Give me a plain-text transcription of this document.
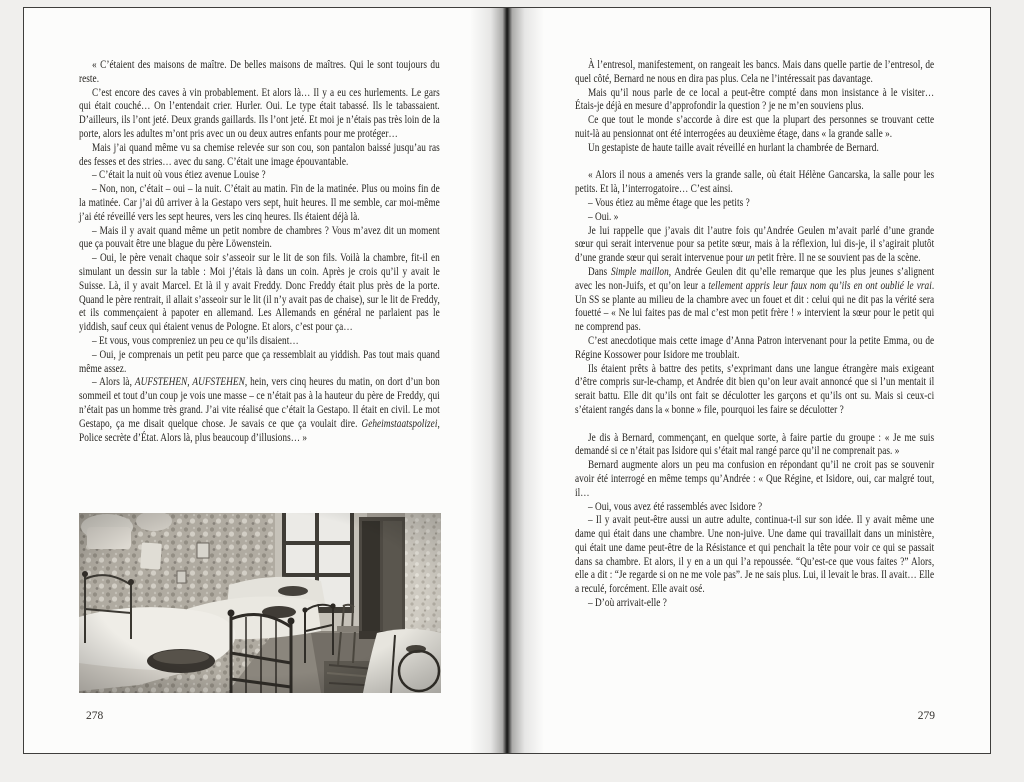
« C’étaient des maisons de maître. De belles maisons de maîtres. Qui le sont toujours du reste.

C’est encore des caves à vin probablement. Et alors là… Il y a eu ces hurlements. Le gars qui était couché… On l’entendait crier. Hurler. Oui. Le type était tabassé. Ils le tabassaient. D’ailleurs, ils l’ont jeté. Deux grands gaillards. Ils l’ont jeté. Et moi je n’étais pas très loin de la porte, alors les adultes m’ont pris avec un ou deux autres enfants pour me protéger…

Mais j’ai quand même vu sa chemise relevée sur son cou, son pantalon baissé jusqu’au ras des fesses et des stries… avec du sang. C’était une image épouvantable.

– C’était la nuit où vous étiez avenue Louise ?

– Non, non, c’était – oui – la nuit. C’était au matin. Fin de la matinée. Plus ou moins fin de la matinée. Car j’ai dû arriver à la Gestapo vers sept, huit heures. Il me semble, car moi-même j’ai été réveillé vers les sept heures, vers les cinq heures. Ils étaient déjà là.

– Mais il y avait quand même un petit nombre de chambres ? Vous m’avez dit un moment que ça pouvait être une blague du père Löwenstein.

– Oui, le père venait chaque soir s’asseoir sur le lit de son fils. Voilà la chambre, fit-il en simulant un dessin sur la table : Moi j’étais là dans un coin. Après je crois qu’il y avait le Suisse. Là, il y avait Marcel. Et là il y avait Freddy. Donc Freddy était plus près de la porte. Quand le père rentrait, il allait s’asseoir sur le lit (il n’y avait pas de chaise), sur le lit de Freddy, et ils commençaient à papoter en allemand. Les Allemands en général ne parlaient pas le yiddish, sauf ceux qui étaient venus de Pologne. Et alors, c’est pour ça…

– Et vous, vous compreniez un peu ce qu’ils disaient…

– Oui, je comprenais un petit peu parce que ça ressemblait au yiddish. Pas tout mais quand même assez.

– Alors là, AUFSTEHEN, AUFSTEHEN, hein, vers cinq heures du matin, on dort d’un bon sommeil et tout d’un coup je vois une masse – ce n’était pas à la hauteur du père de Freddy, qui n’était pas un homme très grand. J’ai vite réalisé que c’était la Gestapo. Il était en civil. Le mot Gestapo, ça me disait quelque chose. Je savais ce que ça voulait dire. Geheimstaatspolizei, Police secrète d’État. Alors là, plus beaucoup d’illusions… »

278

À l’entresol, manifestement, on rangeait les bancs. Mais dans quelle partie de l’entresol, de quel côté, Bernard ne nous en dira pas plus. Cela ne l’intéressait pas davantage.

Mais qu’il nous parle de ce local a peut-être compté dans mon insistance à le visiter… Étais-je déjà en mesure d’approfondir la question ? je ne m’en souviens plus.

Ce que tout le monde s’accorde à dire est que la plupart des personnes se trouvant cette nuit-là au pensionnat ont été interrogées au deuxième étage, dans « la grande salle ».

Un gestapiste de haute taille avait réveillé en hurlant la chambrée de Bernard.

« Alors il nous a amenés vers la grande salle, où était Hélène Gancarska, la salle pour les petits. Et là, l’interrogatoire… C’est ainsi.

– Vous étiez au même étage que les petits ?

– Oui. »

Je lui rappelle que j’avais dit l’autre fois qu’Andrée Geulen m’avait parlé d’une grande sœur qui serait intervenue pour sa petite sœur, mais à la réflexion, lui dis-je, il s’agirait plutôt d’une grande sœur qui serait intervenue pour un petit frère. Il ne se souvient pas de la scène.

Dans Simple maillon, Andrée Geulen dit qu’elle remarque que les plus jeunes s’alignent avec les non-Juifs, et qu’on leur a tellement appris leur faux nom qu’ils en ont oublié le vrai. Un SS se plante au milieu de la chambre avec un fouet et dit : celui qui ne dit pas la vérité sera fouetté – « Ne lui faites pas de mal c’est mon petit frère ! » intervient la sœur pour le petit qui ne comprend pas.

C’est anecdotique mais cette image d’Anna Patron intervenant pour la petite Emma, ou de Régine Kossower pour Isidore me troublait.

Ils étaient prêts à battre des petits, s’exprimant dans une langue étrangère mais exigeant d’être compris sur-le-champ, et Andrée dit bien qu’on leur avait annoncé que si l’un mentait il serait battu. Elle dit qu’ils ont fait se déculotter les garçons et qu’ils ont su. Mais si ceux-ci s’étaient rangés dans la « bonne » file, pourquoi les faire se déculotter ?

Je dis à Bernard, commençant, en quelque sorte, à faire partie du groupe : « Je me suis demandé si ce n’était pas Isidore qui s’était mal rangé parce qu’il ne comprenait pas. »

Bernard augmente alors un peu ma confusion en répondant qu’il ne croit pas se souvenir avoir été interrogé en même temps qu’Andrée : « Que Régine, et Isidore, oui, car malgré tout, il…

– Oui, vous avez été rassemblés avec Isidore ?

– Il y avait peut-être aussi un autre adulte, continua-t-il sur son idée. Il y avait même une dame qui était dans une chambre. Une non-juive. Une dame qui travaillait dans un ministère, qui était une dame peut-être de la Résistance et qui penchait la tête pour voir ce qui se passait dans sa chambre. Et alors, il y en a un qui l’a repoussée. “Qu’est-ce que vous faites ?” Alors, elle a dit : “Je regarde si on ne me vole pas”. Je ne sais plus. Lui, il levait le bras. Il avait… Elle a reculé, forcément. Elle avait osé.

– D’où arrivait-elle ?

279
